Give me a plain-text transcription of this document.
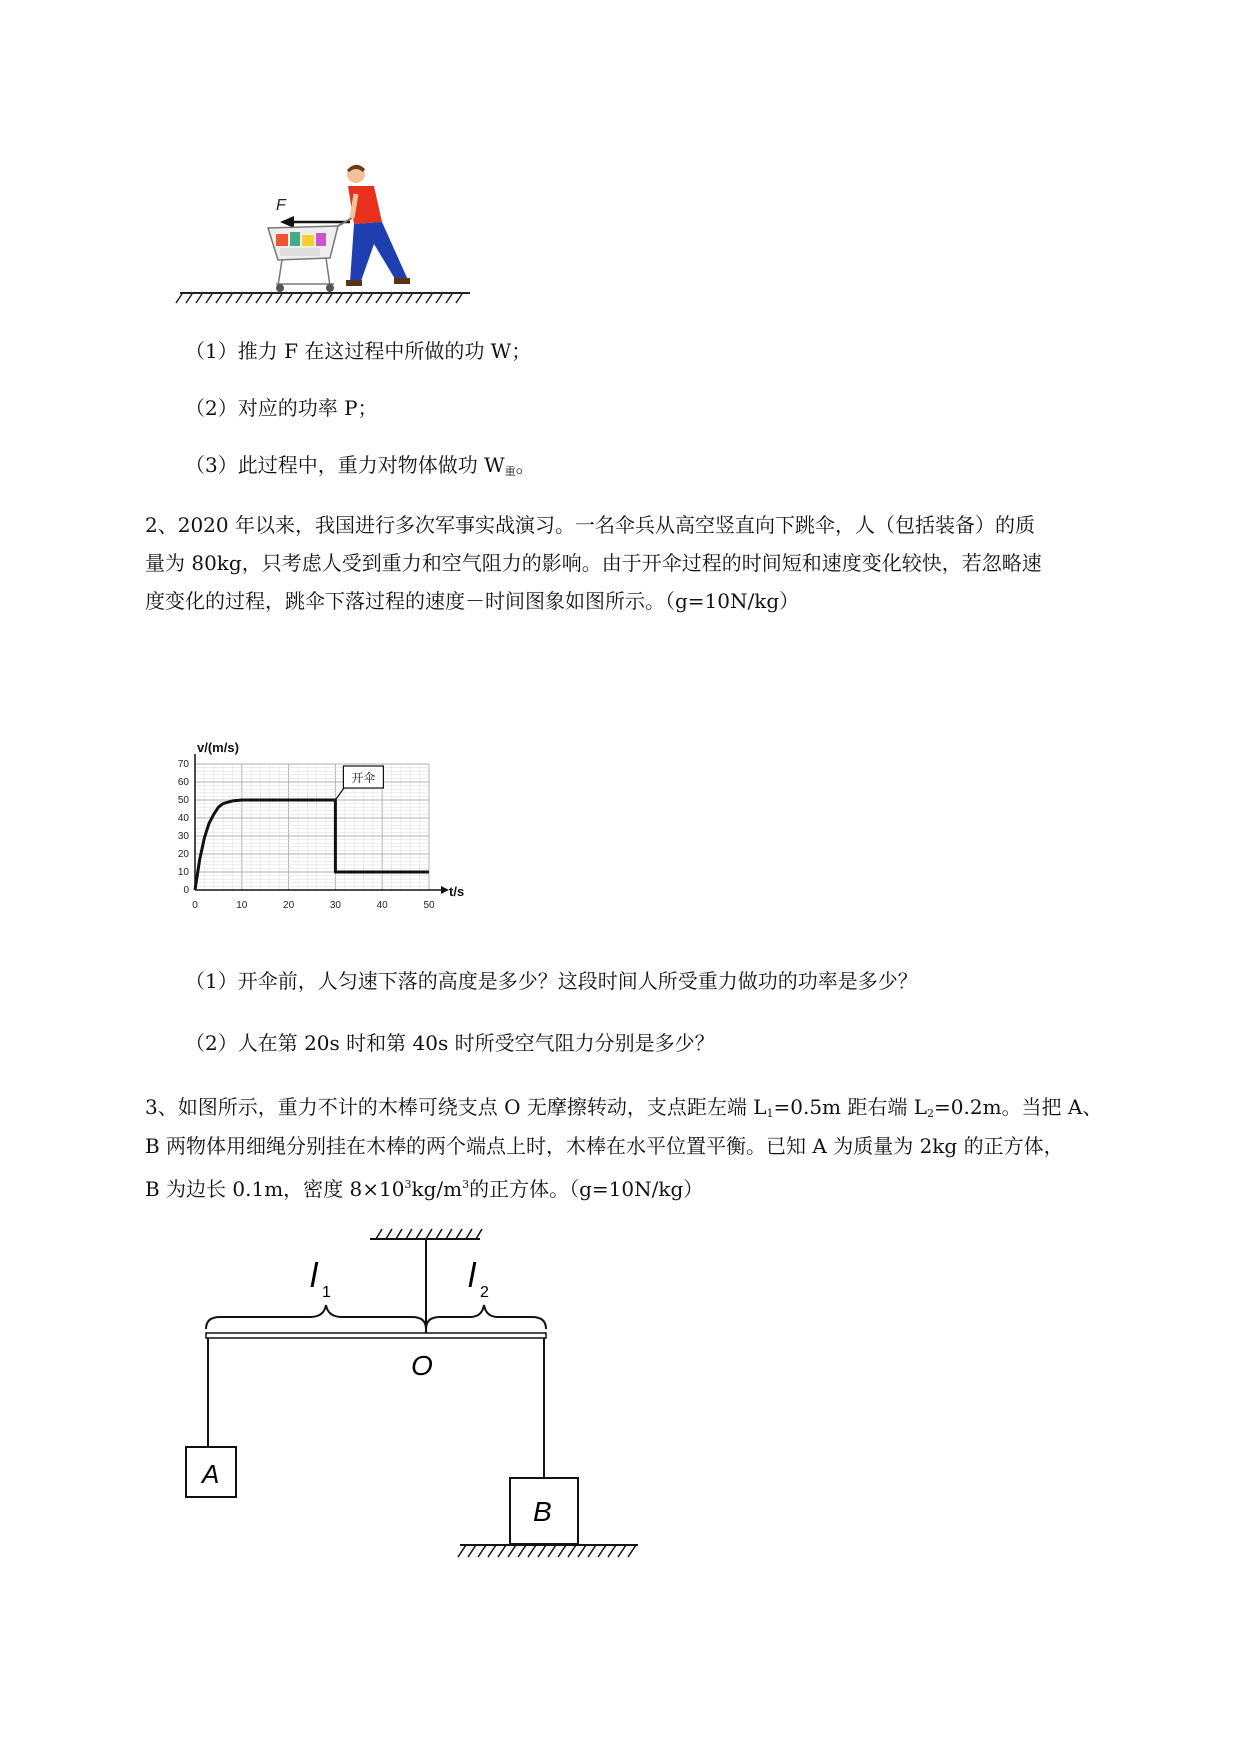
F
（1）推力 F 在这过程中所做的功 W；
（2）对应的功率 P；
（3）此过程中，重力对物体做功 $W_重$。
2、2020 年以来，我国进行多次军事实战演习。一名伞兵从高空竖直向下跳伞，人（包括装备）的质
量为 80kg，只考虑人受到重力和空气阻力的影响。由于开伞过程的时间短和速度变化较快，若忽略速
度变化的过程，跳伞下落过程的速度－时间图象如图所示。（g=10N/kg）
0	10	20	30	40	50
0
10
20
30
40
50
60
70
v/(m/s)
t/s
开伞
（1）开伞前，人匀速下落的高度是多少？这段时间人所受重力做功的功率是多少？
（2）人在第 20s 时和第 40s 时所受空气阻力分别是多少？
3、如图所示，重力不计的木棒可绕支点 O 无摩擦转动，支点距左端 $L_1=0.5m$ 距右端 $L_2=0.2m$。当把 A、
B 两物体用细绳分别挂在木棒的两个端点上时，木棒在水平位置平衡。已知 A 为质量为 2kg 的正方体，
B 为边长 0.1m，密度 $8\times 10^3kg/m^3$的正方体。（g=10N/kg）
l 1	l 2
O
A
B
